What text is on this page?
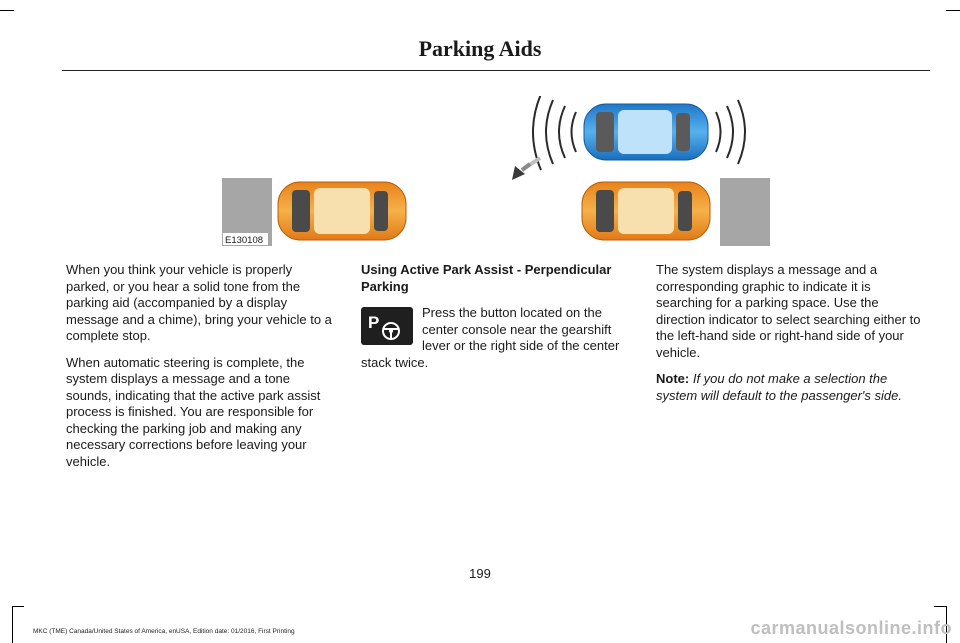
Parking Aids
E130108

When you think your vehicle is properly parked, or you hear a solid tone from the parking aid (accompanied by a display message and a chime), bring your vehicle to a complete stop.

When automatic steering is complete, the system displays a message and a tone sounds, indicating that the active park assist process is finished. You are responsible for checking the parking job and making any necessary corrections before leaving your vehicle.

Using Active Park Assist - Perpendicular Parking

P
Press the button located on the center console near the gearshift lever or the right side of the center stack twice.

The system displays a message and a corresponding graphic to indicate it is searching for a parking space. Use the direction indicator to select searching either to the left-hand side or right-hand side of your vehicle.

Note: If you do not make a selection the system will default to the passenger's side.

199
MKC (TME) Canada/United States of America, enUSA, Edition date: 01/2016, First Printing	carmanualsonline.info
